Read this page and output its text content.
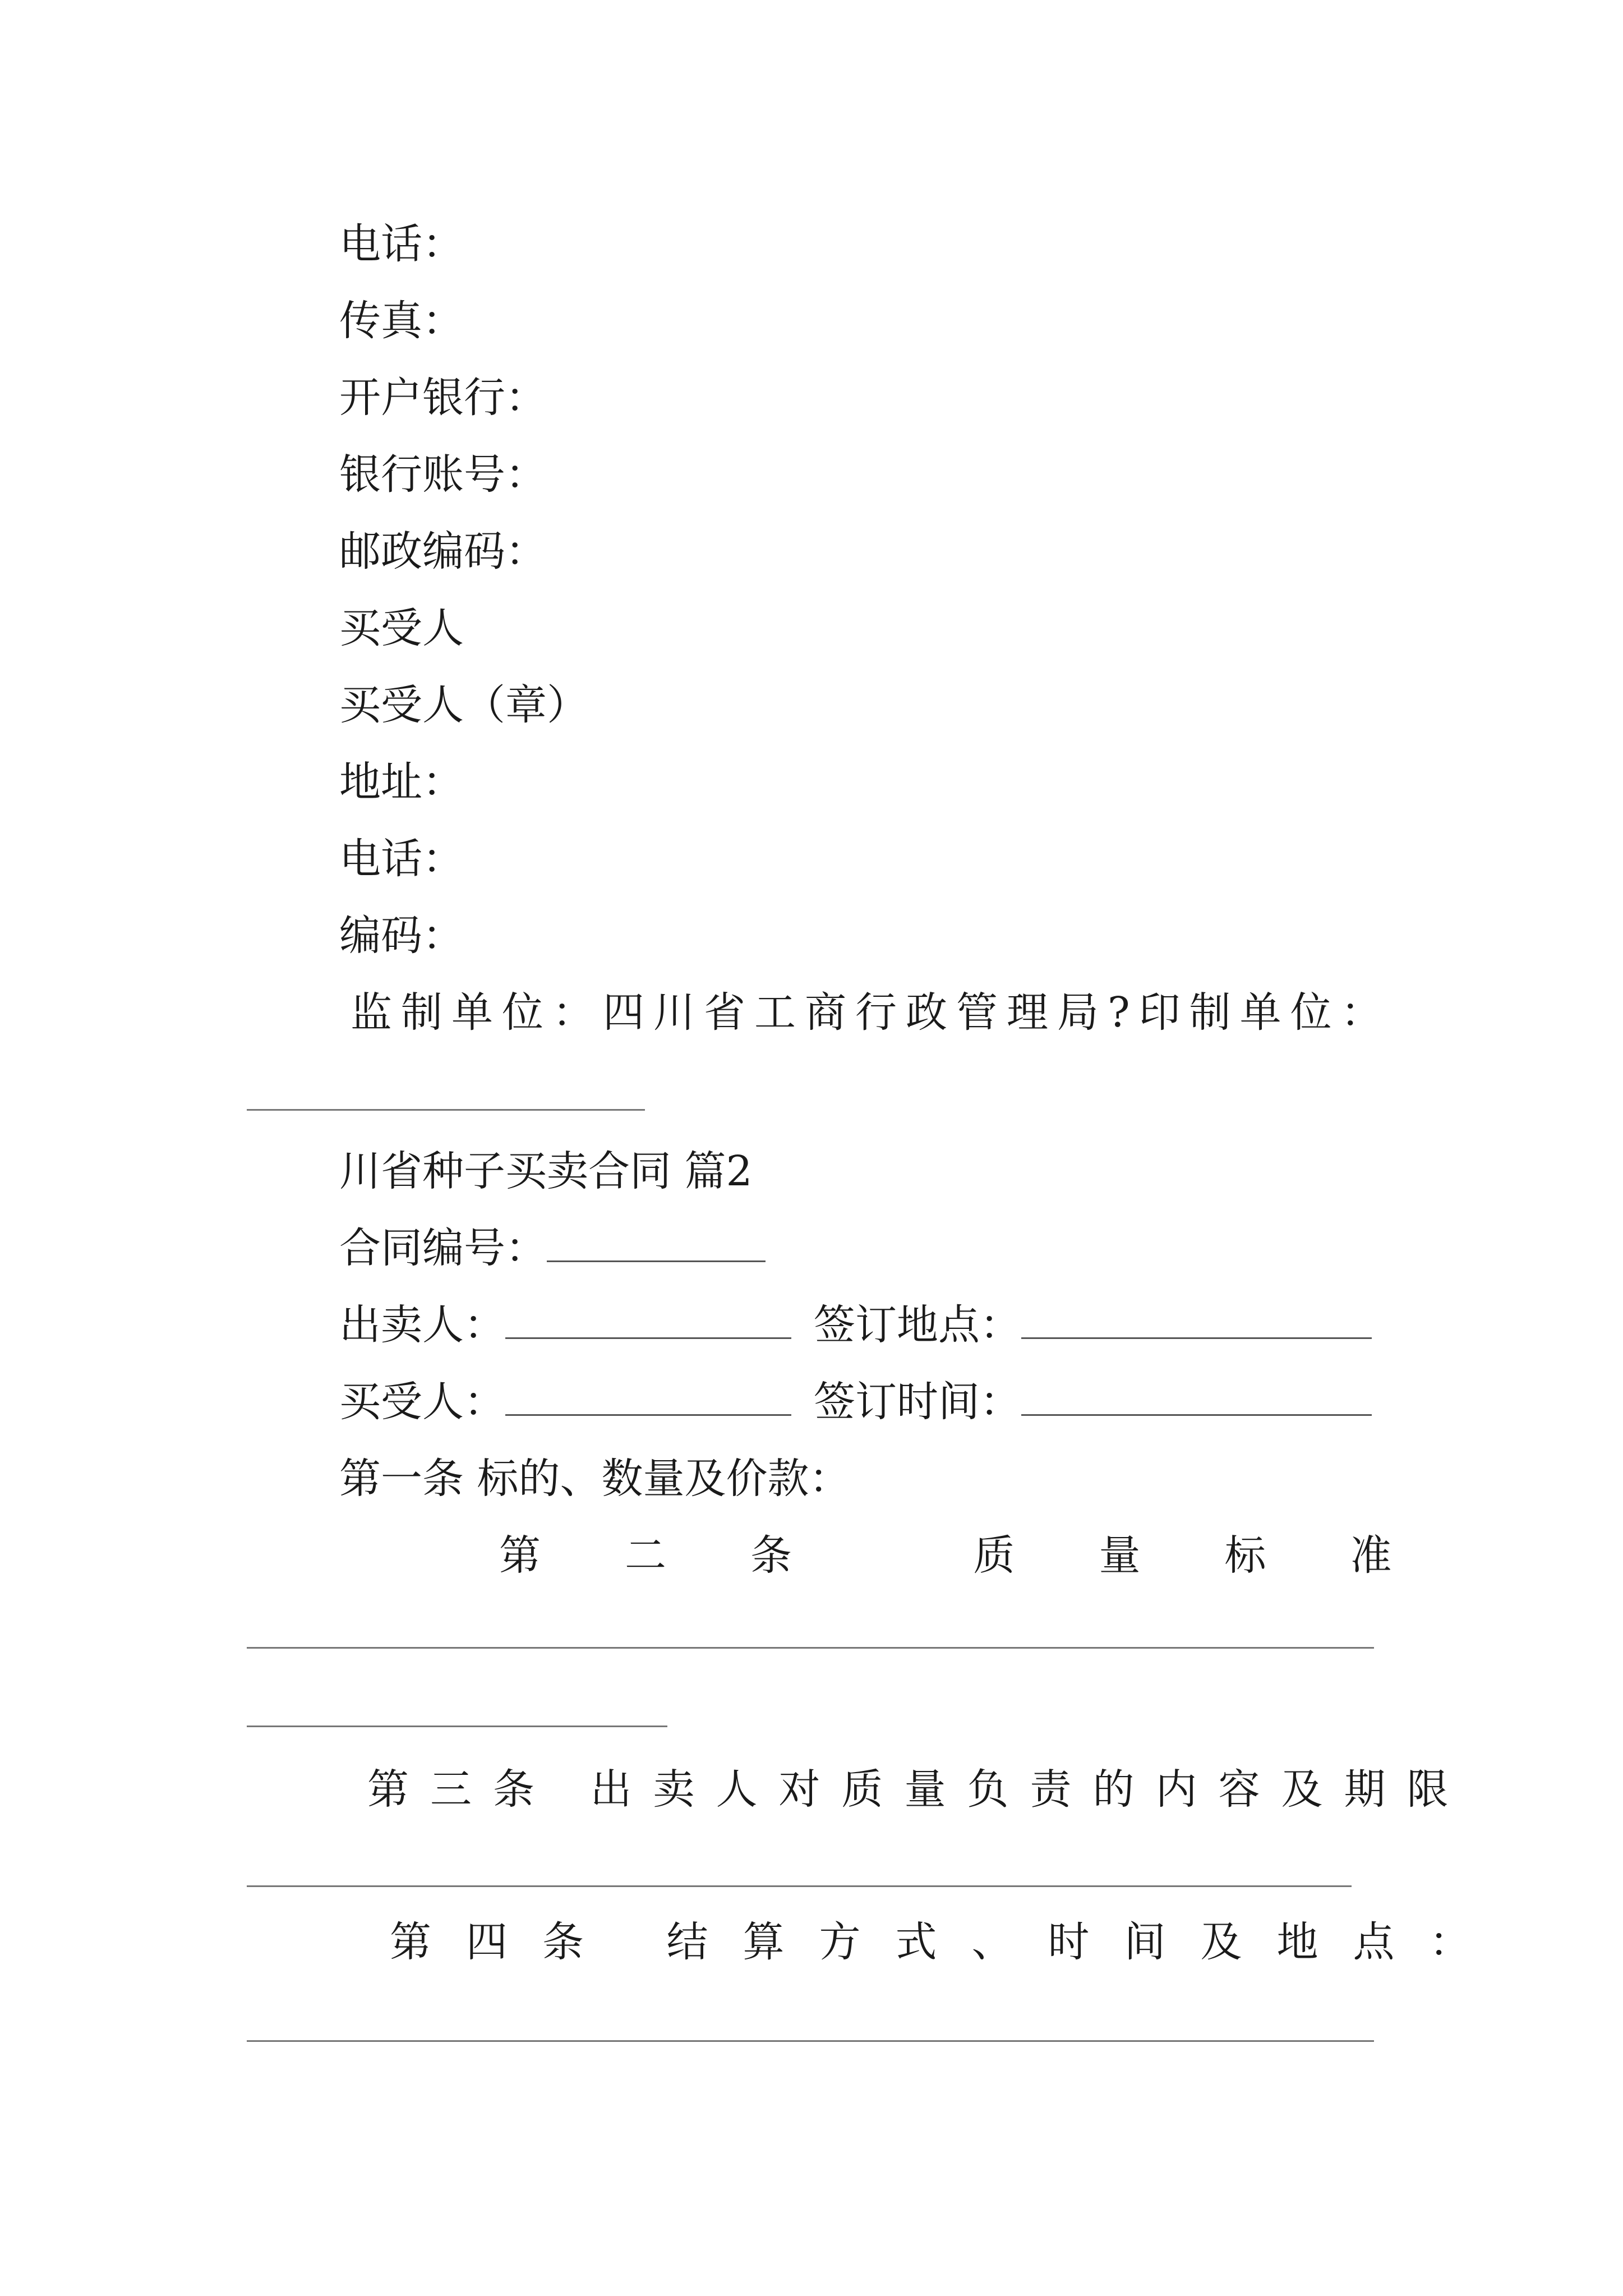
电话：
传真：
开户银行：
银行账号：
邮政编码：
买受人
买受人（章）
地址：
电话：
编码：
监制单位：四川省工商行政管理局?印制单位：
川省种子买卖合同 篇2
合同编号：
出卖人：	签订地点：
买受人：	签订时间：
第一条 标的、数量及价款：
第二条 质量标准
第三条 出卖人对质量负责的内容及期限
第四条 结算方式、时间及地点：
